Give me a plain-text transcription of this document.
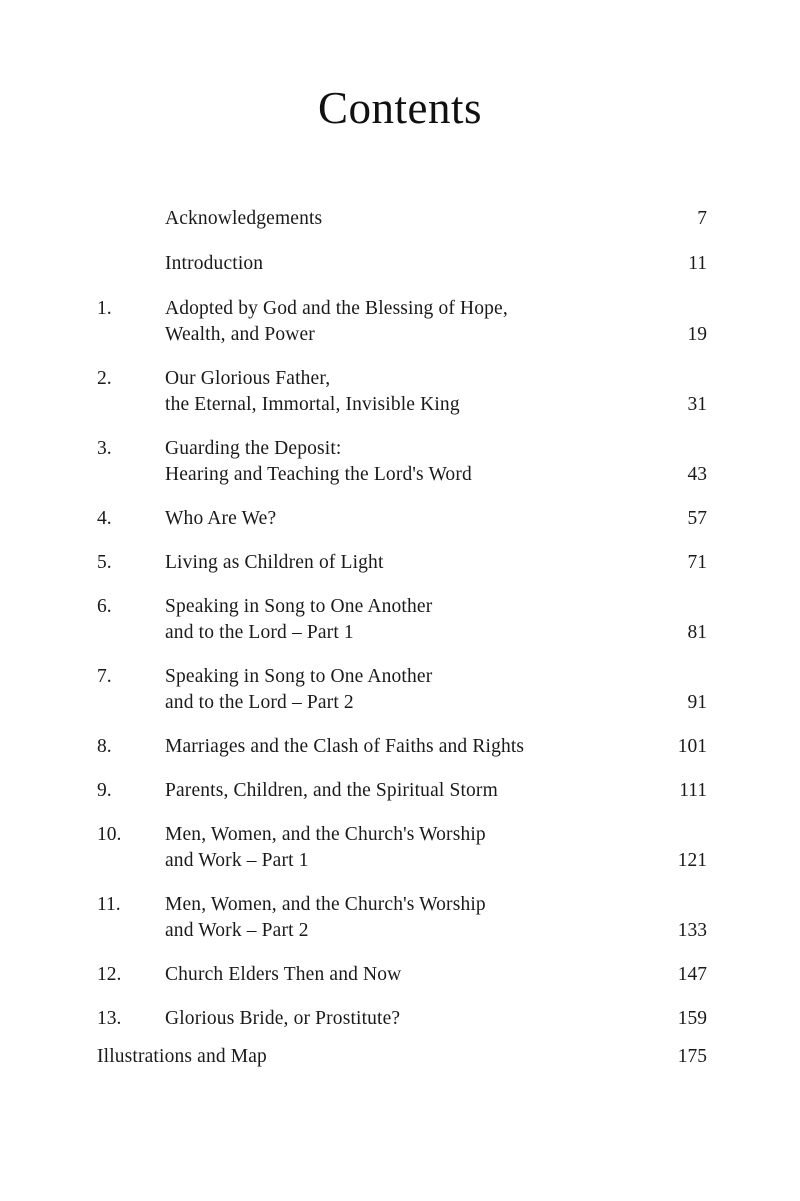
Contents
Acknowledgements	7
Introduction	11
1.	Adopted by God and the Blessing of Hope,
Wealth, and Power	19
2.	Our Glorious Father,
the Eternal, Immortal, Invisible King	31
3.	Guarding the Deposit:
Hearing and Teaching the Lord's Word	43
4.	Who Are We?	57
5.	Living as Children of Light	71
6.	Speaking in Song to One Another
and to the Lord – Part 1	81
7.	Speaking in Song to One Another
and to the Lord – Part 2	91
8.	Marriages and the Clash of Faiths and Rights	101
9.	Parents, Children, and the Spiritual Storm	111
10.	Men, Women, and the Church's Worship
and Work – Part 1	121
11.	Men, Women, and the Church's Worship
and Work – Part 2	133
12.	Church Elders Then and Now	147
13.	Glorious Bride, or Prostitute?	159
Illustrations and Map	175
